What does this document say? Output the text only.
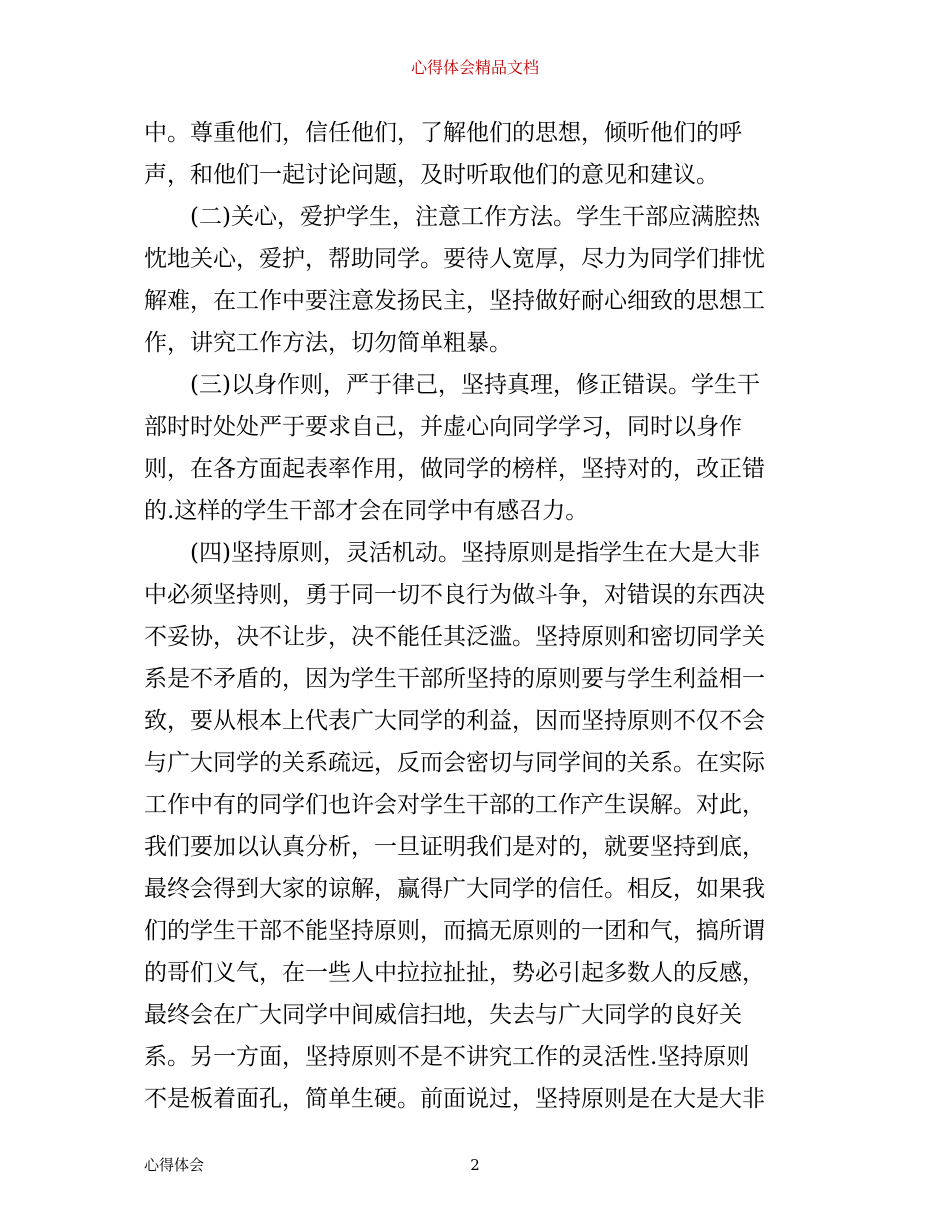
心得体会精品文档
中。尊重他们，信任他们，了解他们的思想，倾听他们的呼
声，和他们一起讨论问题，及时听取他们的意见和建议。
　　(二)关心，爱护学生，注意工作方法。学生干部应满腔热
忱地关心，爱护，帮助同学。要待人宽厚，尽力为同学们排忧
解难，在工作中要注意发扬民主，坚持做好耐心细致的思想工
作，讲究工作方法，切勿简单粗暴。
　　(三)以身作则，严于律己，坚持真理，修正错误。学生干
部时时处处严于要求自己，并虚心向同学学习，同时以身作
则，在各方面起表率作用，做同学的榜样，坚持对的，改正错
的.这样的学生干部才会在同学中有感召力。
　　(四)坚持原则，灵活机动。坚持原则是指学生在大是大非
中必须坚持则，勇于同一切不良行为做斗争，对错误的东西决
不妥协，决不让步，决不能任其泛滥。坚持原则和密切同学关
系是不矛盾的，因为学生干部所坚持的原则要与学生利益相一
致，要从根本上代表广大同学的利益，因而坚持原则不仅不会
与广大同学的关系疏远，反而会密切与同学间的关系。在实际
工作中有的同学们也许会对学生干部的工作产生误解。对此，
我们要加以认真分析，一旦证明我们是对的，就要坚持到底，
最终会得到大家的谅解，赢得广大同学的信任。相反，如果我
们的学生干部不能坚持原则，而搞无原则的一团和气，搞所谓
的哥们义气，在一些人中拉拉扯扯，势必引起多数人的反感，
最终会在广大同学中间威信扫地，失去与广大同学的良好关
系。另一方面，坚持原则不是不讲究工作的灵活性.坚持原则
不是板着面孔，简单生硬。前面说过，坚持原则是在大是大非
心得体会	2
